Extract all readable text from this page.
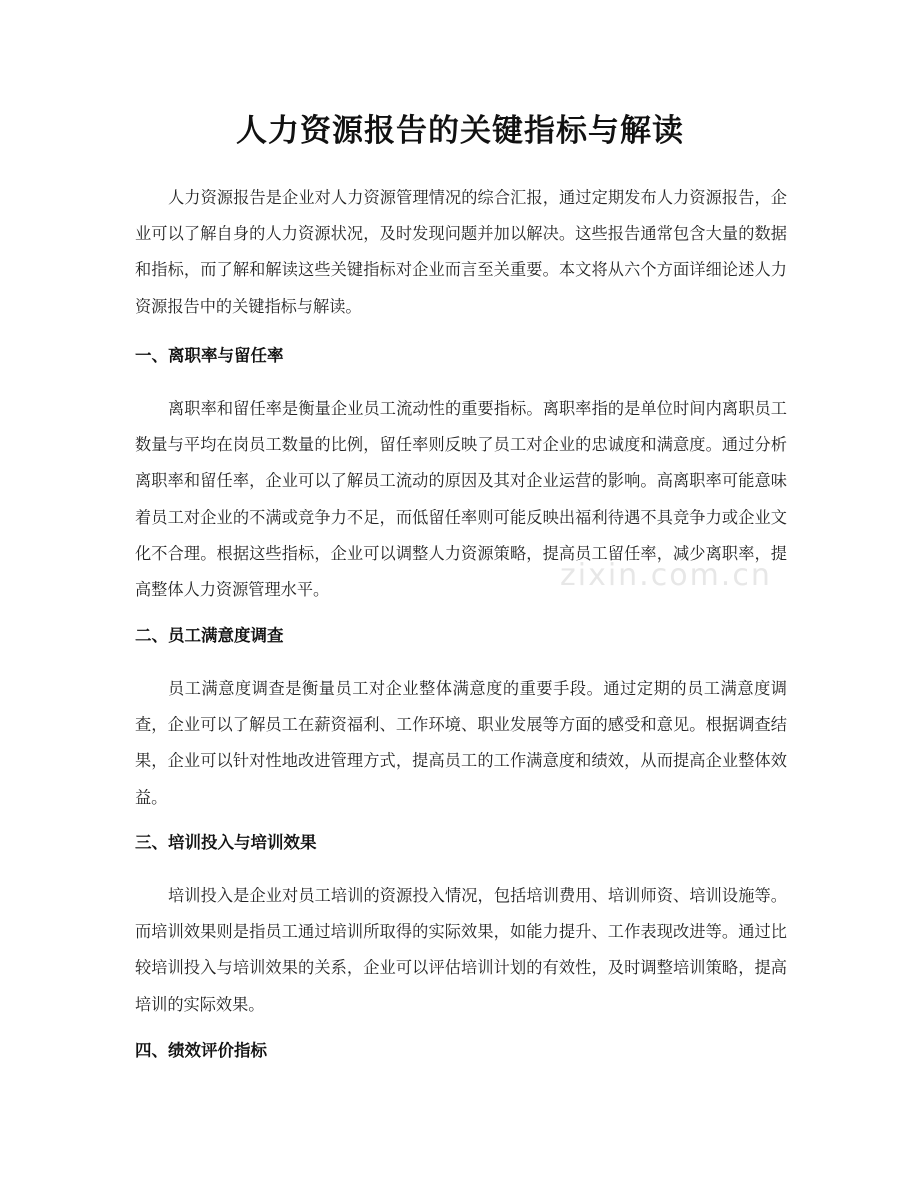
人力资源报告的关键指标与解读

人力资源报告是企业对人力资源管理情况的综合汇报，通过定期发布人力资源报告，企业可以了解自身的人力资源状况，及时发现问题并加以解决。这些报告通常包含大量的数据和指标，而了解和解读这些关键指标对企业而言至关重要。本文将从六个方面详细论述人力资源报告中的关键指标与解读。

一、离职率与留任率

离职率和留任率是衡量企业员工流动性的重要指标。离职率指的是单位时间内离职员工数量与平均在岗员工数量的比例，留任率则反映了员工对企业的忠诚度和满意度。通过分析离职率和留任率，企业可以了解员工流动的原因及其对企业运营的影响。高离职率可能意味着员工对企业的不满或竞争力不足，而低留任率则可能反映出福利待遇不具竞争力或企业文化不合理。根据这些指标，企业可以调整人力资源策略，提高员工留任率，减少离职率，提高整体人力资源管理水平。

二、员工满意度调查

员工满意度调查是衡量员工对企业整体满意度的重要手段。通过定期的员工满意度调查，企业可以了解员工在薪资福利、工作环境、职业发展等方面的感受和意见。根据调查结果，企业可以针对性地改进管理方式，提高员工的工作满意度和绩效，从而提高企业整体效益。

三、培训投入与培训效果

培训投入是企业对员工培训的资源投入情况，包括培训费用、培训师资、培训设施等。而培训效果则是指员工通过培训所取得的实际效果，如能力提升、工作表现改进等。通过比较培训投入与培训效果的关系，企业可以评估培训计划的有效性，及时调整培训策略，提高培训的实际效果。

四、绩效评价指标
zixin.com.cn
